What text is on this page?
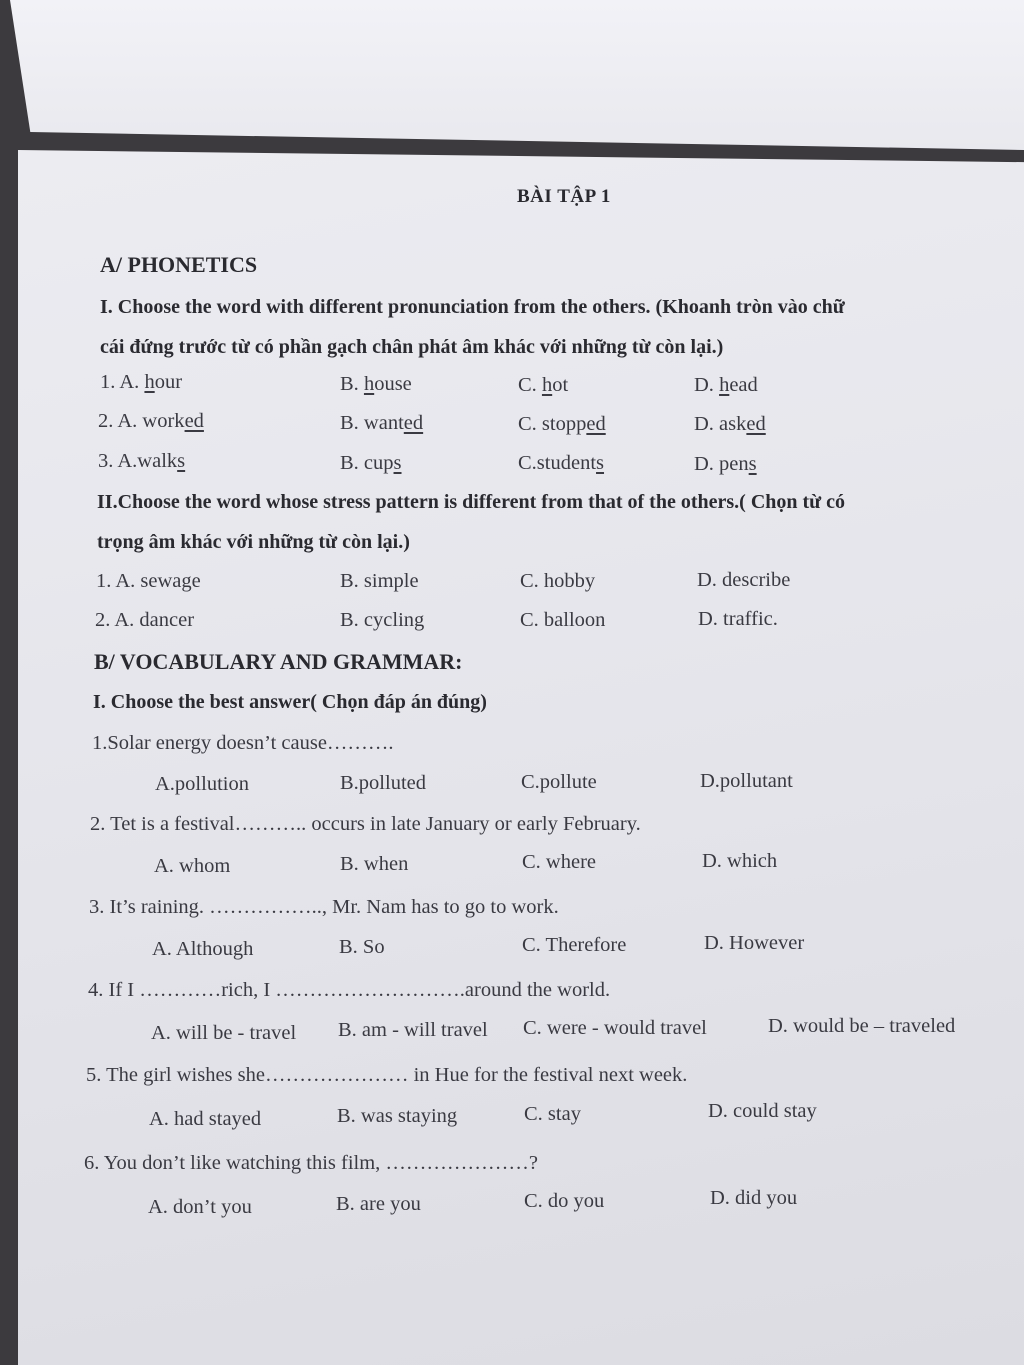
BÀI TẬP 1
A/ PHONETICS
I. Choose the word with different pronunciation from the others. (Khoanh tròn vào chữ
cái đứng trước từ có phần gạch chân phát âm khác với những từ còn lại.)
1. A. hour	B. house	C. hot	D. head
2. A. worked	B. wanted	C. stopped	D. asked
3. A.walks	B. cups	C.students	D. pens
II.Choose the word whose stress pattern is different from that of the others.( Chọn từ có
trọng âm khác với những từ còn lại.)
1. A. sewage	B. simple	C. hobby	D. describe
2. A. dancer	B. cycling	C. balloon	D. traffic.
B/ VOCABULARY AND GRAMMAR:
I. Choose the best answer( Chọn đáp án đúng)
1.Solar energy doesn’t cause……….
A.pollution	B.polluted	C.pollute	D.pollutant
2. Tet is a festival……….. occurs in late January or early February.
A. whom	B. when	C. where	D. which
3. It’s raining. …………….., Mr. Nam has to go to work.
A. Although	B. So	C. Therefore	D. However
4. If I …………rich, I ……………………….around the world.
A. will be - travel B. am - will travel C. were - would travel	D. would be – traveled
5. The girl wishes she………………… in Hue for the festival next week.
A. had stayed	B. was staying	C. stay	D. could stay
6. You don’t like watching this film, …………………?
A. don’t you	B. are you	C. do you	D. did you
